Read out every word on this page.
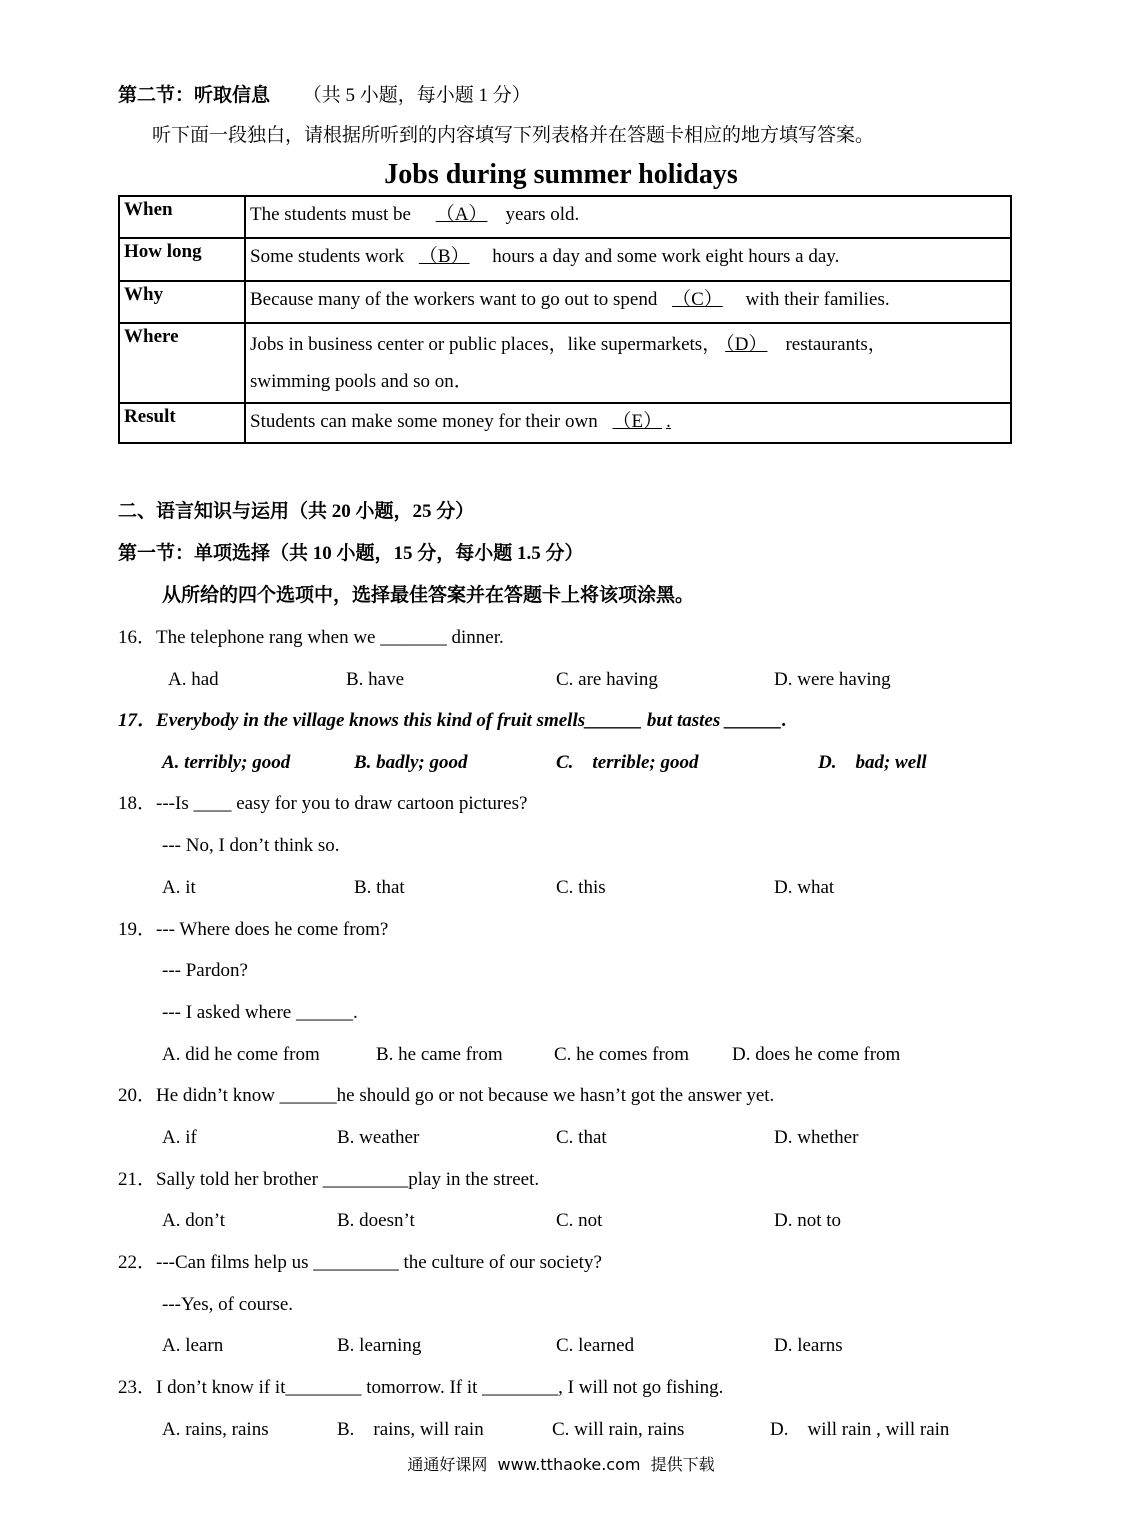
第二节：听取信息 （共 5 小题，每小题 1 分）
听下面一段独白，请根据所听到的内容填写下列表格并在答题卡相应的地方填写答案。
Jobs during summer holidays
When	The students must be （A） years old.
How long	Some students work （B） hours a day and some work eight hours a day.
Why	Because many of the workers want to go out to spend （C） with their families.
Where	Jobs in business center or public places，like supermarkets， （D） restaurants，
swimming pools and so on．
Result	Students can make some money for their own （E） .
二、语言知识与运用（共 20 小题，25 分）
第一节：单项选择（共 10 小题，15 分，每小题 1.5 分）
从所给的四个选项中，选择最佳答案并在答题卡上将该项涂黑。
16．The telephone rang when we _______ dinner.
A. had	B. have	C. are having	D. were having
17．Everybody in the village knows this kind of fruit smells______ but tastes ______.
A. terribly; good	B. badly; good	C.    terrible; good	D.    bad; well
18．---Is ____ easy for you to draw cartoon pictures?
--- No, I don’t think so.
A. it	B. that	C. this	D. what
19．--- Where does he come from?
--- Pardon?
--- I asked where ______.
A. did he come from	B. he came from	C. he comes from D. does he come from
20．He didn’t know ______he should go or not because we hasn’t got the answer yet.
A. if	B. weather	C. that	D. whether
21．Sally told her brother _________play in the street.
A. don’t	B. doesn’t	C. not	D. not to
22．---Can films help us _________ the culture of our society?
---Yes, of course.
A. learn	B. learning	C. learned	D. learns
23．I don’t know if it________ tomorrow. If it ________, I will not go fishing.
A. rains, rains	B.    rains, will rain	C. will rain, rains	D.    will rain , will rain
通通好课网  www.tthaoke.com  提供下载
